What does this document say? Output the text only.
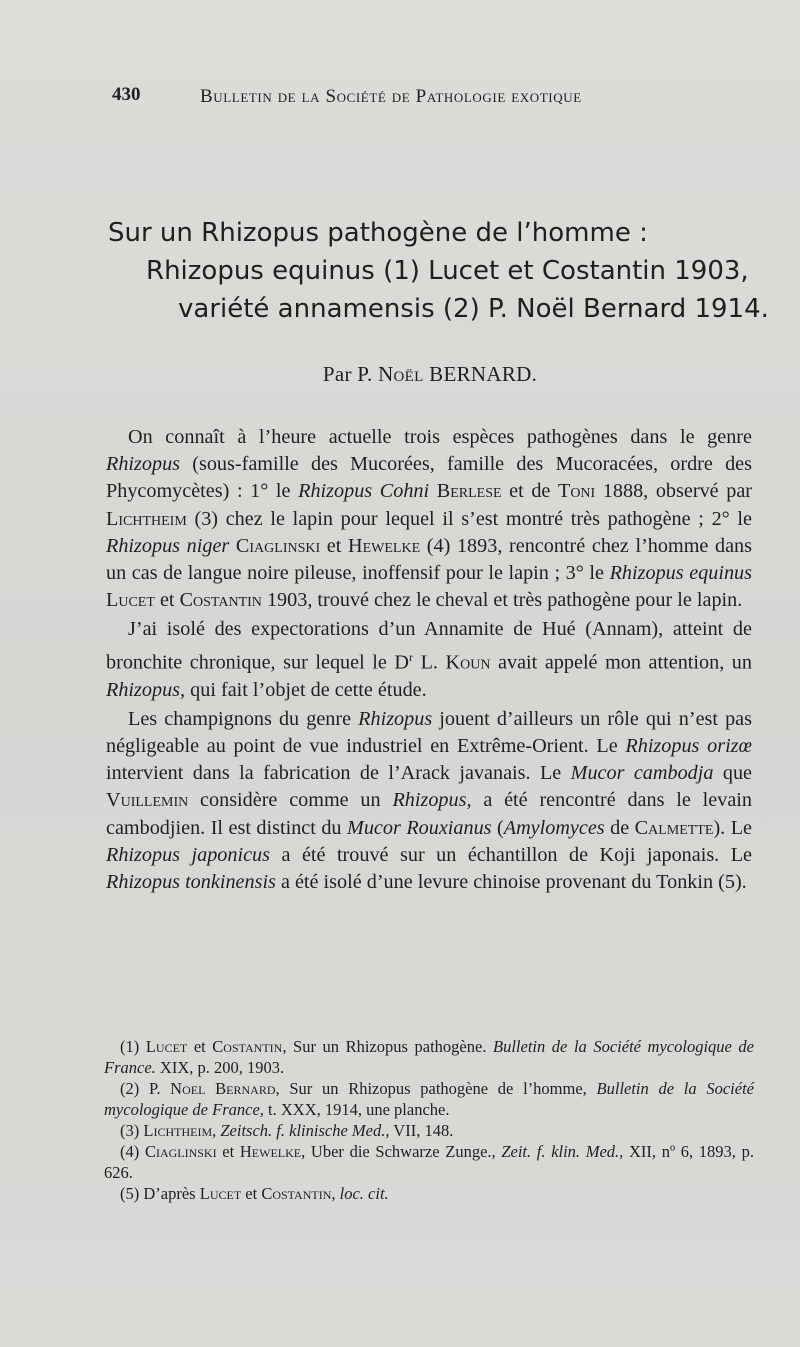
430	Bulletin de la Société de Pathologie exotique
Sur un Rhizopus pathogène de l’homme :
Rhizopus equinus (1) Lucet et Costantin 1903,
variété annamensis (2) P. Noël Bernard 1914.
Par P. Noël BERNARD.

On connaît à l’heure actuelle trois espèces pathogènes dans le genre Rhizopus (sous-famille des Mucorées, famille des Mucoracées, ordre des Phycomycètes) : 1° le Rhizopus Cohni Berlese et de Toni 1888, observé par Lichtheim (3) chez le lapin pour lequel il s’est montré très pathogène ; 2° le Rhizopus niger Ciaglinski et Hewelke (4) 1893, rencontré chez l’homme dans un cas de langue noire pileuse, inoffensif pour le lapin ; 3° le Rhizopus equinus Lucet et Costantin 1903, trouvé chez le cheval et très pathogène pour le lapin.

J’ai isolé des expectorations d’un Annamite de Hué (Annam), atteint de bronchite chronique, sur lequel le $D^r$ L. Koun avait appelé mon attention, un Rhizopus, qui fait l’objet de cette étude.

Les champignons du genre Rhizopus jouent d’ailleurs un rôle qui n’est pas négligeable au point de vue industriel en Extrême-Orient. Le Rhizopus orizœ intervient dans la fabrication de l’Arack javanais. Le Mucor cambodja que Vuillemin considère comme un Rhizopus, a été rencontré dans le levain cambodjien. Il est distinct du Mucor Rouxianus (Amylomyces de Calmette). Le Rhizopus japonicus a été trouvé sur un échantillon de Koji japonais. Le Rhizopus tonkinensis a été isolé d’une levure chinoise provenant du Tonkin (5).

(1) Lucet et Costantin, Sur un Rhizopus pathogène. Bulletin de la Société mycologique de France. XIX, p. 200, 1903.

(2) P. Noel Bernard, Sur un Rhizopus pathogène de l’homme, Bulletin de la Société mycologique de France, t. XXX, 1914, une planche.

(3) Lichtheim, Zeitsch. f. klinische Med., VII, 148.

(4) Ciaglinski et Hewelke, Uber die Schwarze Zunge., Zeit. f. klin. Med., XII, nº 6, 1893, p. 626.

(5) D’après Lucet et Costantin, loc. cit.
